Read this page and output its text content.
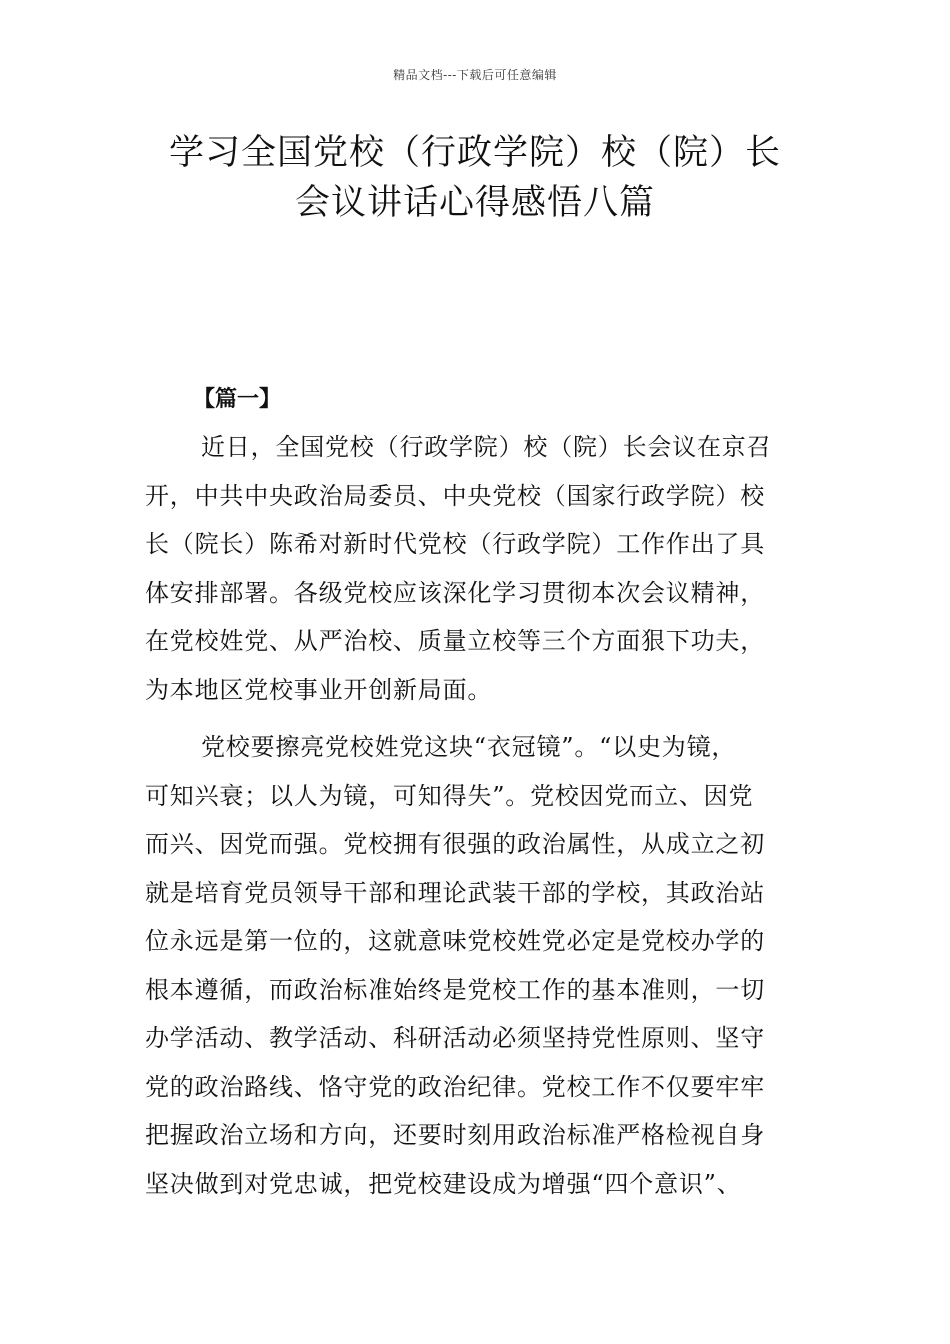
精品文档---下载后可任意编辑
学习全国党校（行政学院）校（院）长
会议讲话心得感悟八篇
【篇一】

近日，全国党校（行政学院）校（院）长会议在京召
开，中共中央政治局委员、中央党校（国家行政学院）校
长（院长）陈希对新时代党校（行政学院）工作作出了具
体安排部署。各级党校应该深化学习贯彻本次会议精神，
在党校姓党、从严治校、质量立校等三个方面狠下功夫，
为本地区党校事业开创新局面。

党校要擦亮党校姓党这块“衣冠镜”。“以史为镜，
可知兴衰；以人为镜，可知得失”。党校因党而立、因党
而兴、因党而强。党校拥有很强的政治属性，从成立之初
就是培育党员领导干部和理论武装干部的学校，其政治站
位永远是第一位的，这就意味党校姓党必定是党校办学的
根本遵循，而政治标准始终是党校工作的基本准则，一切
办学活动、教学活动、科研活动必须坚持党性原则、坚守
党的政治路线、恪守党的政治纪律。党校工作不仅要牢牢
把握政治立场和方向，还要时刻用政治标准严格检视自身
坚决做到对党忠诚，把党校建设成为增强“四个意识”、
